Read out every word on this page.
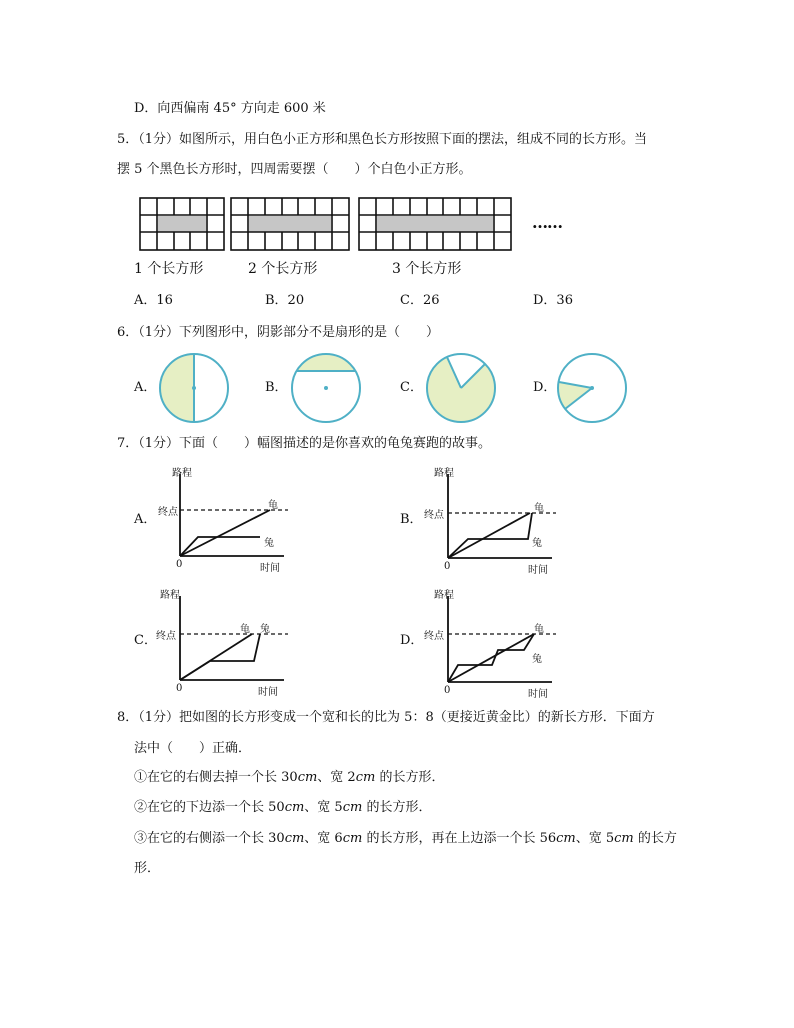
D．向西偏南 45° 方向走 600 米
5．（1分）如图所示，用白色小正方形和黑色长方形按照下面的摆法，组成不同的长方形。当
摆 5 个黑色长方形时，四周需要摆（　　）个白色小正方形。
1 个长方形	2 个长方形	3 个长方形
……
A．16	B．20	C．26	D．36
6．（1分）下列图形中，阴影部分不是扇形的是（　　）
A．	B．	C．	D．
7．（1分）下面（　　）幅图描述的是你喜欢的龟兔赛跑的故事。
A．
路程
终点
龟
兔
0	时间
B．
路程
终点
龟
兔
0	时间
C．
路程
终点
龟 兔
0	时间
D．
路程
终点
龟
兔
0	时间
8．（1分）把如图的长方形变成一个宽和长的比为 5：8（更接近黄金比）的新长方形．下面方
法中（　　）正确．
①在它的右侧去掉一个长 30cm、宽 2cm 的长方形．
②在它的下边添一个长 50cm、宽 5cm 的长方形．
③在它的右侧添一个长 30cm、宽 6cm 的长方形，再在上边添一个长 56cm、宽 5cm 的长方
形．
